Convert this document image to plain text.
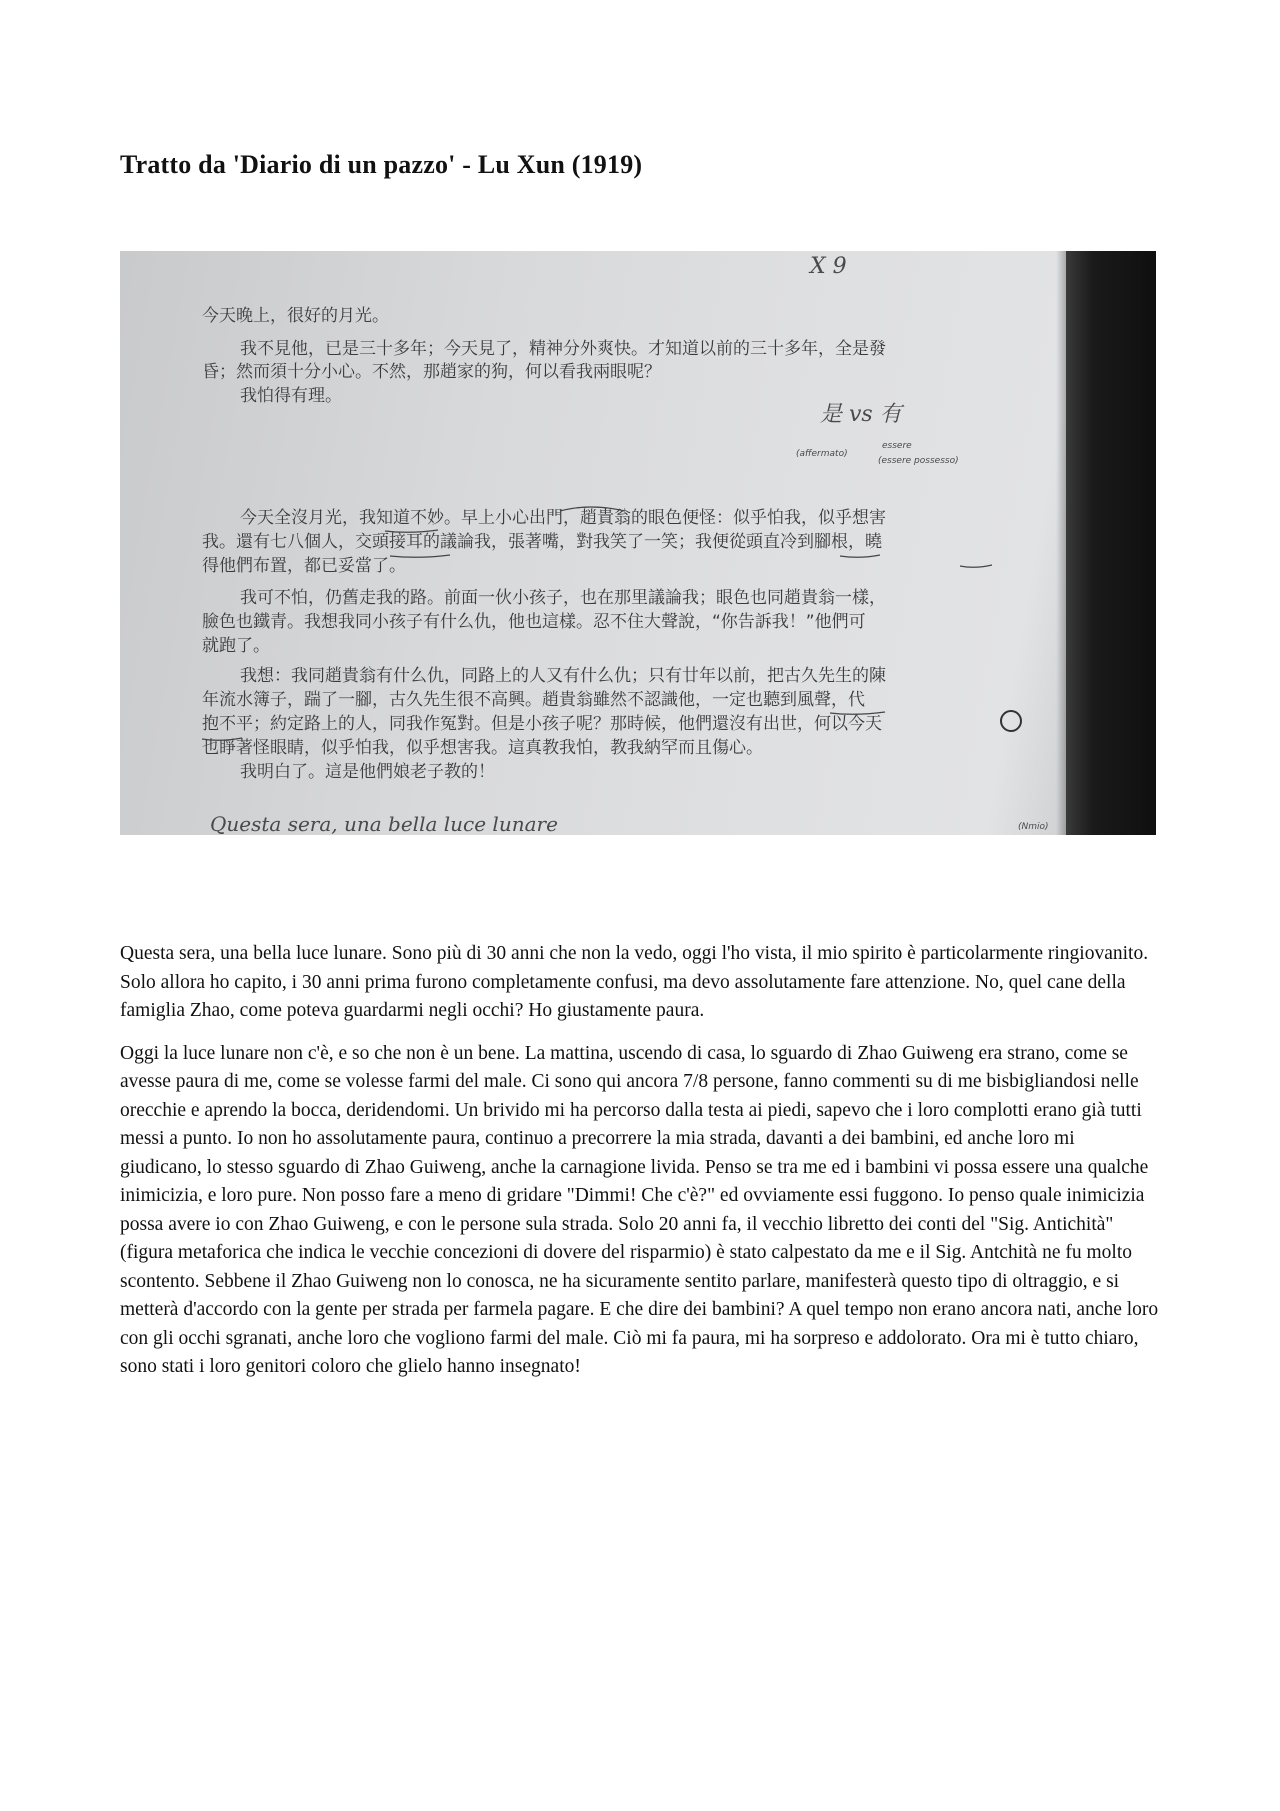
Tratto da 'Diario di un pazzo' - Lu Xun (1919)
X 9
今天晚上，很好的月光。
我不見他，已是三十多年；今天見了，精神分外爽快。才知道以前的三十多年，全是發
昏；然而須十分小心。不然，那趙家的狗，何以看我兩眼呢？
我怕得有理。
是 vs 有
(affermato)
essere
(essere possesso)
今天全沒月光，我知道不妙。早上小心出門，趙貴翁的眼色便怪：似乎怕我，似乎想害
我。還有七八個人，交頭接耳的議論我，張著嘴，對我笑了一笑；我便從頭直冷到腳根，曉
得他們布置，都已妥當了。
我可不怕，仍舊走我的路。前面一伙小孩子，也在那里議論我；眼色也同趙貴翁一樣，
臉色也鐵青。我想我同小孩子有什么仇，他也這樣。忍不住大聲說，“你告訴我！”他們可
就跑了。
我想：我同趙貴翁有什么仇，同路上的人又有什么仇；只有廿年以前，把古久先生的陳
年流水簿子，踹了一腳，古久先生很不高興。趙貴翁雖然不認識他，一定也聽到風聲，代
抱不平；約定路上的人，同我作冤對。但是小孩子呢？那時候，他們還沒有出世，何以今天
也睜著怪眼睛，似乎怕我，似乎想害我。這真教我怕，教我納罕而且傷心。
我明白了。這是他們娘老子教的！
Questa sera, una bella luce lunare	(Nmio)

Questa sera, una bella luce lunare. Sono più di 30 anni che non la vedo, oggi l'ho vista, il mio spirito è particolarmente ringiovanito. Solo allora ho capito, i 30 anni prima furono completamente confusi, ma devo assolutamente fare attenzione. No, quel cane della famiglia Zhao, come poteva guardarmi negli occhi? Ho giustamente paura.

Oggi la luce lunare non c'è, e so che non è un bene. La mattina, uscendo di casa, lo sguardo di Zhao Guiweng era strano, come se avesse paura di me, come se volesse farmi del male. Ci sono qui ancora 7/8 persone, fanno commenti su di me bisbigliandosi nelle orecchie e aprendo la bocca, deridendomi. Un brivido mi ha percorso dalla testa ai piedi, sapevo che i loro complotti erano già tutti messi a punto. Io non ho assolutamente paura, continuo a precorrere la mia strada, davanti a dei bambini, ed anche loro mi giudicano, lo stesso sguardo di Zhao Guiweng, anche la carnagione livida. Penso se tra me ed i bambini vi possa essere una qualche inimicizia, e loro pure. Non posso fare a meno di gridare "Dimmi! Che c'è?" ed ovviamente essi fuggono. Io penso quale inimicizia possa avere io con Zhao Guiweng, e con le persone sula strada. Solo 20 anni fa, il vecchio libretto dei conti del "Sig. Antichità" (figura metaforica che indica le vecchie concezioni di dovere del risparmio) è stato calpestato da me e il Sig. Antchità ne fu molto scontento. Sebbene il Zhao Guiweng non lo conosca, ne ha sicuramente sentito parlare, manifesterà questo tipo di oltraggio, e si metterà d'accordo con la gente per strada per farmela pagare. E che dire dei bambini? A quel tempo non erano ancora nati, anche loro con gli occhi sgranati, anche loro che vogliono farmi del male. Ciò mi fa paura, mi ha sorpreso e addolorato. Ora mi è tutto chiaro, sono stati i loro genitori coloro che glielo hanno insegnato!
